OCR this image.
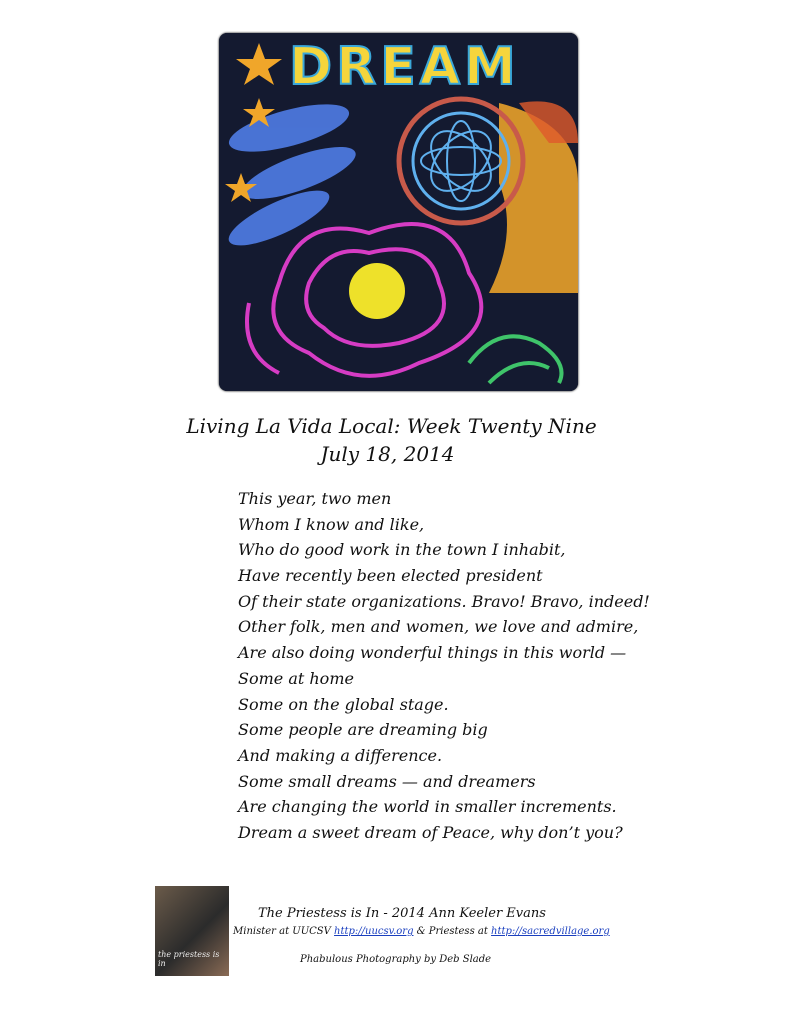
DREAM
Living La Vida Local: Week Twenty Nine
July 18, 2014
This year, two men
Whom I know and like,
Who do good work in the town I inhabit,
Have recently been elected president
Of their state organizations. Bravo! Bravo, indeed!
Other folk, men and women, we love and admire,
Are also doing wonderful things in this world —
Some at home
Some on the global stage.
Some people are dreaming big
And making a difference.
Some small dreams — and dreamers
Are changing the world in smaller increments.
Dream a sweet dream of Peace, why don’t you?
the priestess is in
The Priestess is In - 2014 Ann Keeler Evans
Minister at UUCSV http://uucsv.org & Priestess at http://sacredvillage.org
Phabulous Photography by Deb Slade
